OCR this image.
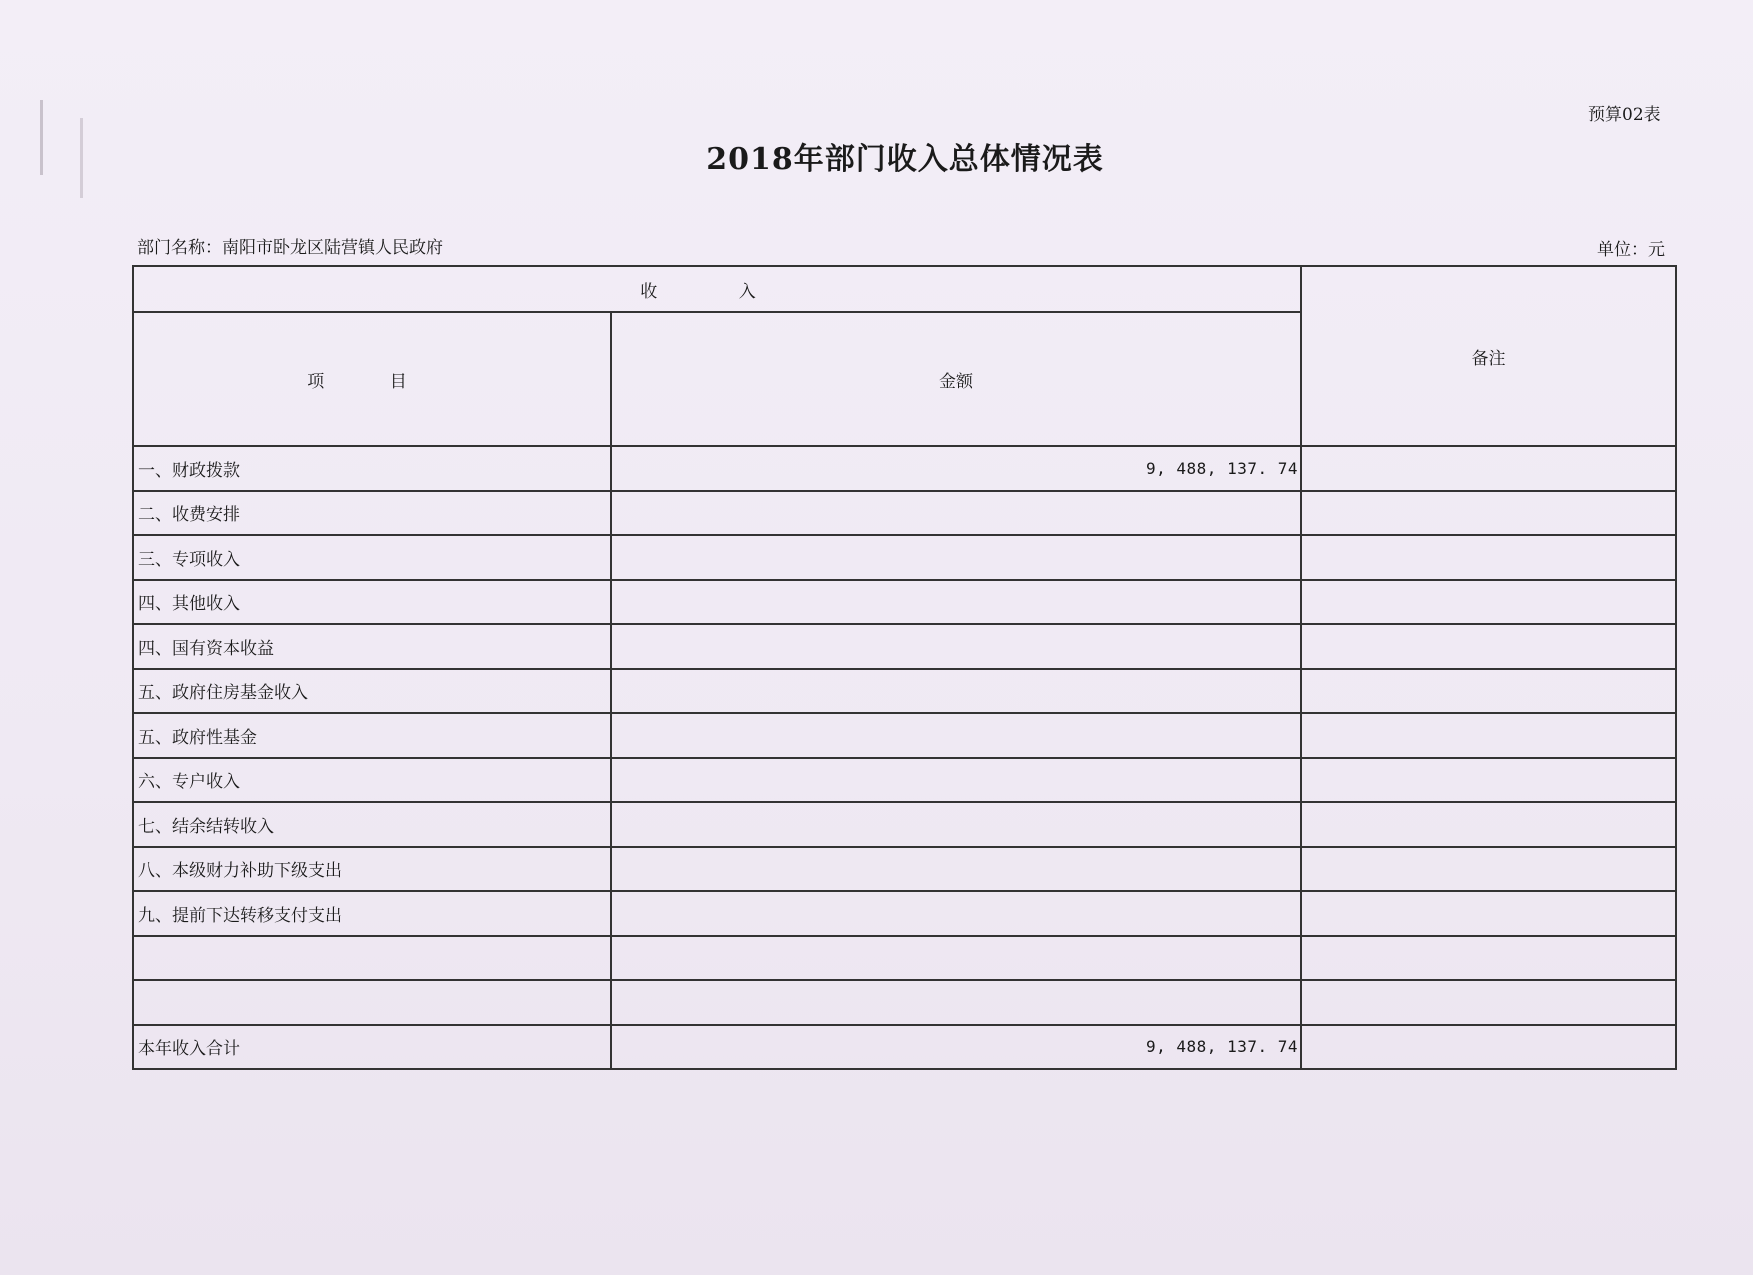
预算02表
2018年部门收入总体情况表
部门名称：南阳市卧龙区陆营镇人民政府	单位：元
收 入		备注
项 目	金额	
一、财政拨款	9, 488, 137. 74	
二、收费安排		
三、专项收入		
四、其他收入		
四、国有资本收益		
五、政府住房基金收入		
五、政府性基金		
六、专户收入		
七、结余结转收入		
八、本级财力补助下级支出		
九、提前下达转移支付支出		

本年收入合计	9, 488, 137. 74	
